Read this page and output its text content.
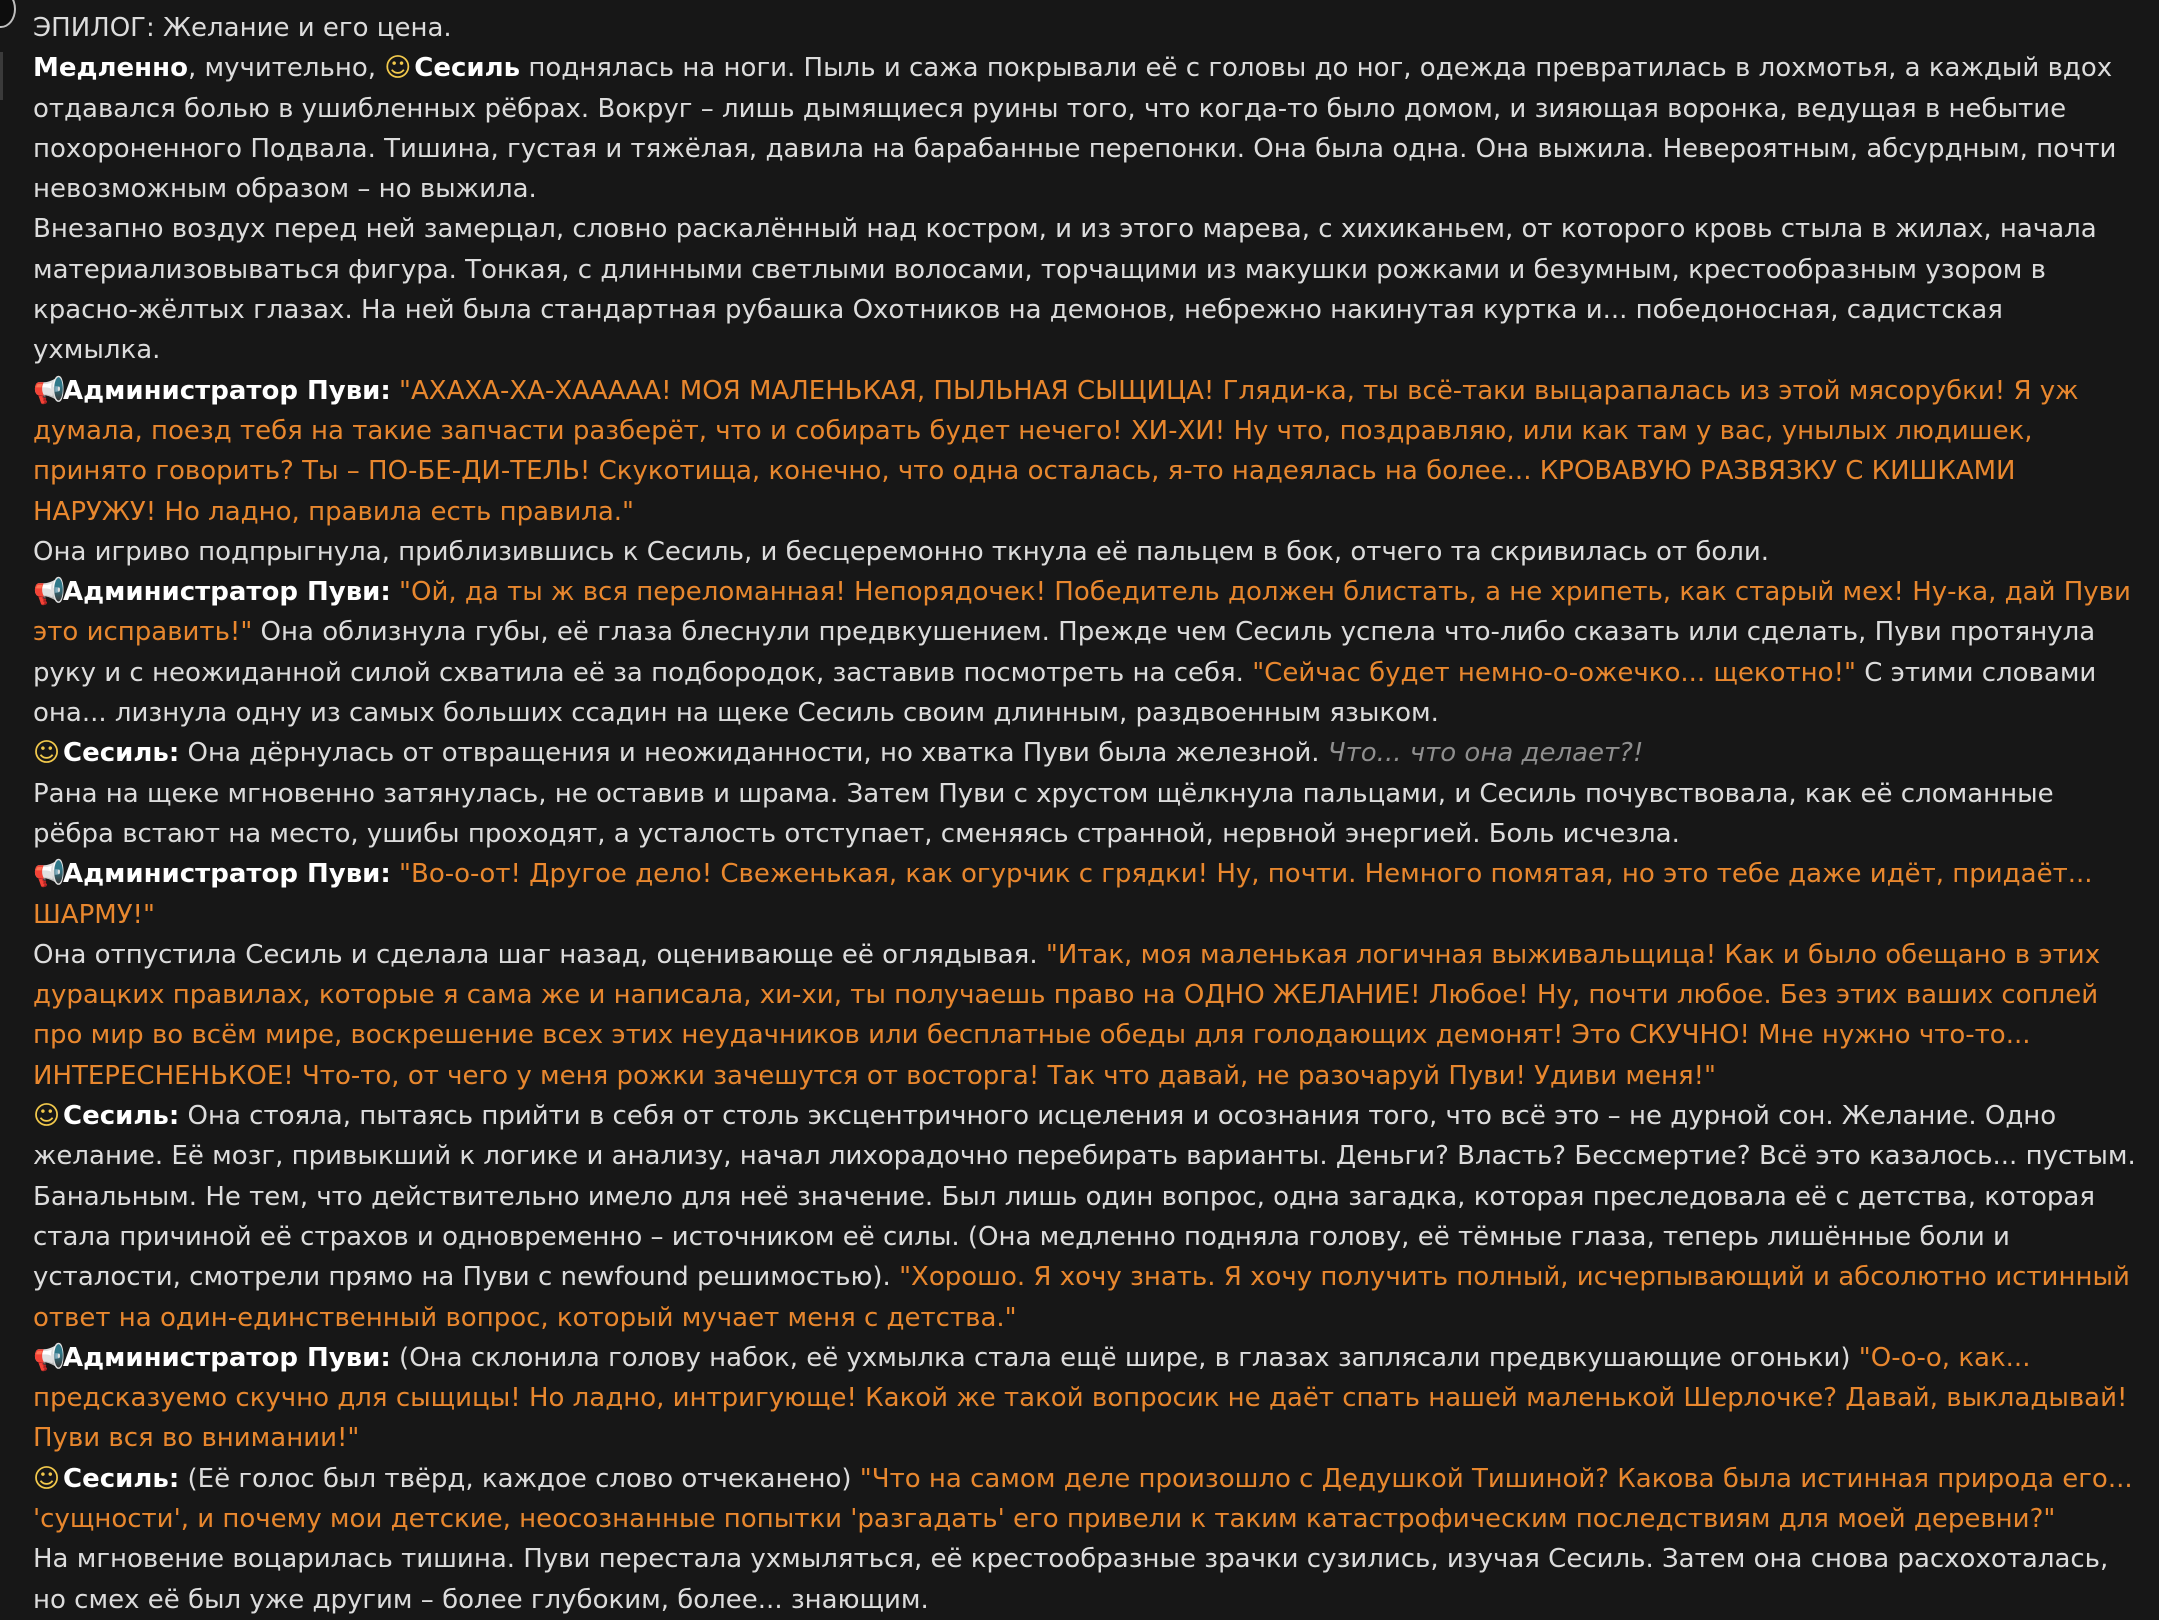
ЭПИЛОГ: Желание и его цена.

Медленно, мучительно, ☺ Сесиль поднялась на ноги. Пыль и сажа покрывали её с головы до ног, одежда превратилась в лохмотья, а каждый вдох отдавался болью в ушибленных рёбрах. Вокруг – лишь дымящиеся руины того, что когда-то было домом, и зияющая воронка, ведущая в небытие похороненного Подвала. Тишина, густая и тяжёлая, давила на барабанные перепонки. Она была одна. Она выжила. Невероятным, абсурдным, почти невозможным образом – но выжила.

Внезапно воздух перед ней замерцал, словно раскалённый над костром, и из этого марева, с хихиканьем, от которого кровь стыла в жилах, начала материализовываться фигура. Тонкая, с длинными светлыми волосами, торчащими из макушки рожками и безумным, крестообразным узором в красно-жёлтых глазах. На ней была стандартная рубашка Охотников на демонов, небрежно накинутая куртка и... победоносная, садистская ухмылка.

📢Администратор Пуви: "АХАХА-ХА-ХААААА! МОЯ МАЛЕНЬКАЯ, ПЫЛЬНАЯ СЫЩИЦА! Гляди-ка, ты всё-таки выцарапалась из этой мясорубки! Я уж думала, поезд тебя на такие запчасти разберёт, что и собирать будет нечего! ХИ-ХИ! Ну что, поздравляю, или как там у вас, унылых людишек, принято говорить? Ты – ПО-БЕ-ДИ-ТЕЛЬ! Скукотища, конечно, что одна осталась, я-то надеялась на более... КРОВАВУЮ РАЗВЯЗКУ С КИШКАМИ НАРУЖУ! Но ладно, правила есть правила."

Она игриво подпрыгнула, приблизившись к Сесиль, и бесцеремонно ткнула её пальцем в бок, отчего та скривилась от боли.

📢Администратор Пуви: "Ой, да ты ж вся переломанная! Непорядочек! Победитель должен блистать, а не хрипеть, как старый мех! Ну-ка, дай Пуви это исправить!" Она облизнула губы, её глаза блеснули предвкушением. Прежде чем Сесиль успела что-либо сказать или сделать, Пуви протянула руку и с неожиданной силой схватила её за подбородок, заставив посмотреть на себя. "Сейчас будет немно-о-ожечко... щекотно!" С этими словами она... лизнула одну из самых больших ссадин на щеке Сесиль своим длинным, раздвоенным языком.

☺ Сесиль: Она дёрнулась от отвращения и неожиданности, но хватка Пуви была железной. Что... что она делает?!

Рана на щеке мгновенно затянулась, не оставив и шрама. Затем Пуви с хрустом щёлкнула пальцами, и Сесиль почувствовала, как её сломанные рёбра встают на место, ушибы проходят, а усталость отступает, сменяясь странной, нервной энергией. Боль исчезла.

📢Администратор Пуви: "Во-о-от! Другое дело! Свеженькая, как огурчик с грядки! Ну, почти. Немного помятая, но это тебе даже идёт, придаёт... ШАРМУ!"

Она отпустила Сесиль и сделала шаг назад, оценивающе её оглядывая. "Итак, моя маленькая логичная выживальщица! Как и было обещано в этих дурацких правилах, которые я сама же и написала, хи-хи, ты получаешь право на ОДНО ЖЕЛАНИЕ! Любое! Ну, почти любое. Без этих ваших соплей про мир во всём мире, воскрешение всех этих неудачников или бесплатные обеды для голодающих демонят! Это СКУЧНО! Мне нужно что-то... ИНТЕРЕСНЕНЬКОЕ! Что-то, от чего у меня рожки зачешутся от восторга! Так что давай, не разочаруй Пуви! Удиви меня!"

☺ Сесиль: Она стояла, пытаясь прийти в себя от столь эксцентричного исцеления и осознания того, что всё это – не дурной сон. Желание. Одно желание. Её мозг, привыкший к логике и анализу, начал лихорадочно перебирать варианты. Деньги? Власть? Бессмертие? Всё это казалось... пустым. Банальным. Не тем, что действительно имело для неё значение. Был лишь один вопрос, одна загадка, которая преследовала её с детства, которая стала причиной её страхов и одновременно – источником её силы. (Она медленно подняла голову, её тёмные глаза, теперь лишённые боли и усталости, смотрели прямо на Пуви с newfound решимостью). "Хорошо. Я хочу знать. Я хочу получить полный, исчерпывающий и абсолютно истинный ответ на один-единственный вопрос, который мучает меня с детства."

📢Администратор Пуви: (Она склонила голову набок, её ухмылка стала ещё шире, в глазах заплясали предвкушающие огоньки) "О-о-о, как... предсказуемо скучно для сыщицы! Но ладно, интригующе! Какой же такой вопросик не даёт спать нашей маленькой Шерлочке? Давай, выкладывай! Пуви вся во внимании!"

☺ Сесиль: (Её голос был твёрд, каждое слово отчеканено) "Что на самом деле произошло с Дедушкой Тишиной? Какова была истинная природа его... 'сущности', и почему мои детские, неосознанные попытки 'разгадать' его привели к таким катастрофическим последствиям для моей деревни?"

На мгновение воцарилась тишина. Пуви перестала ухмыляться, её крестообразные зрачки сузились, изучая Сесиль. Затем она снова расхохоталась, но смех её был уже другим – более глубоким, более... знающим.
